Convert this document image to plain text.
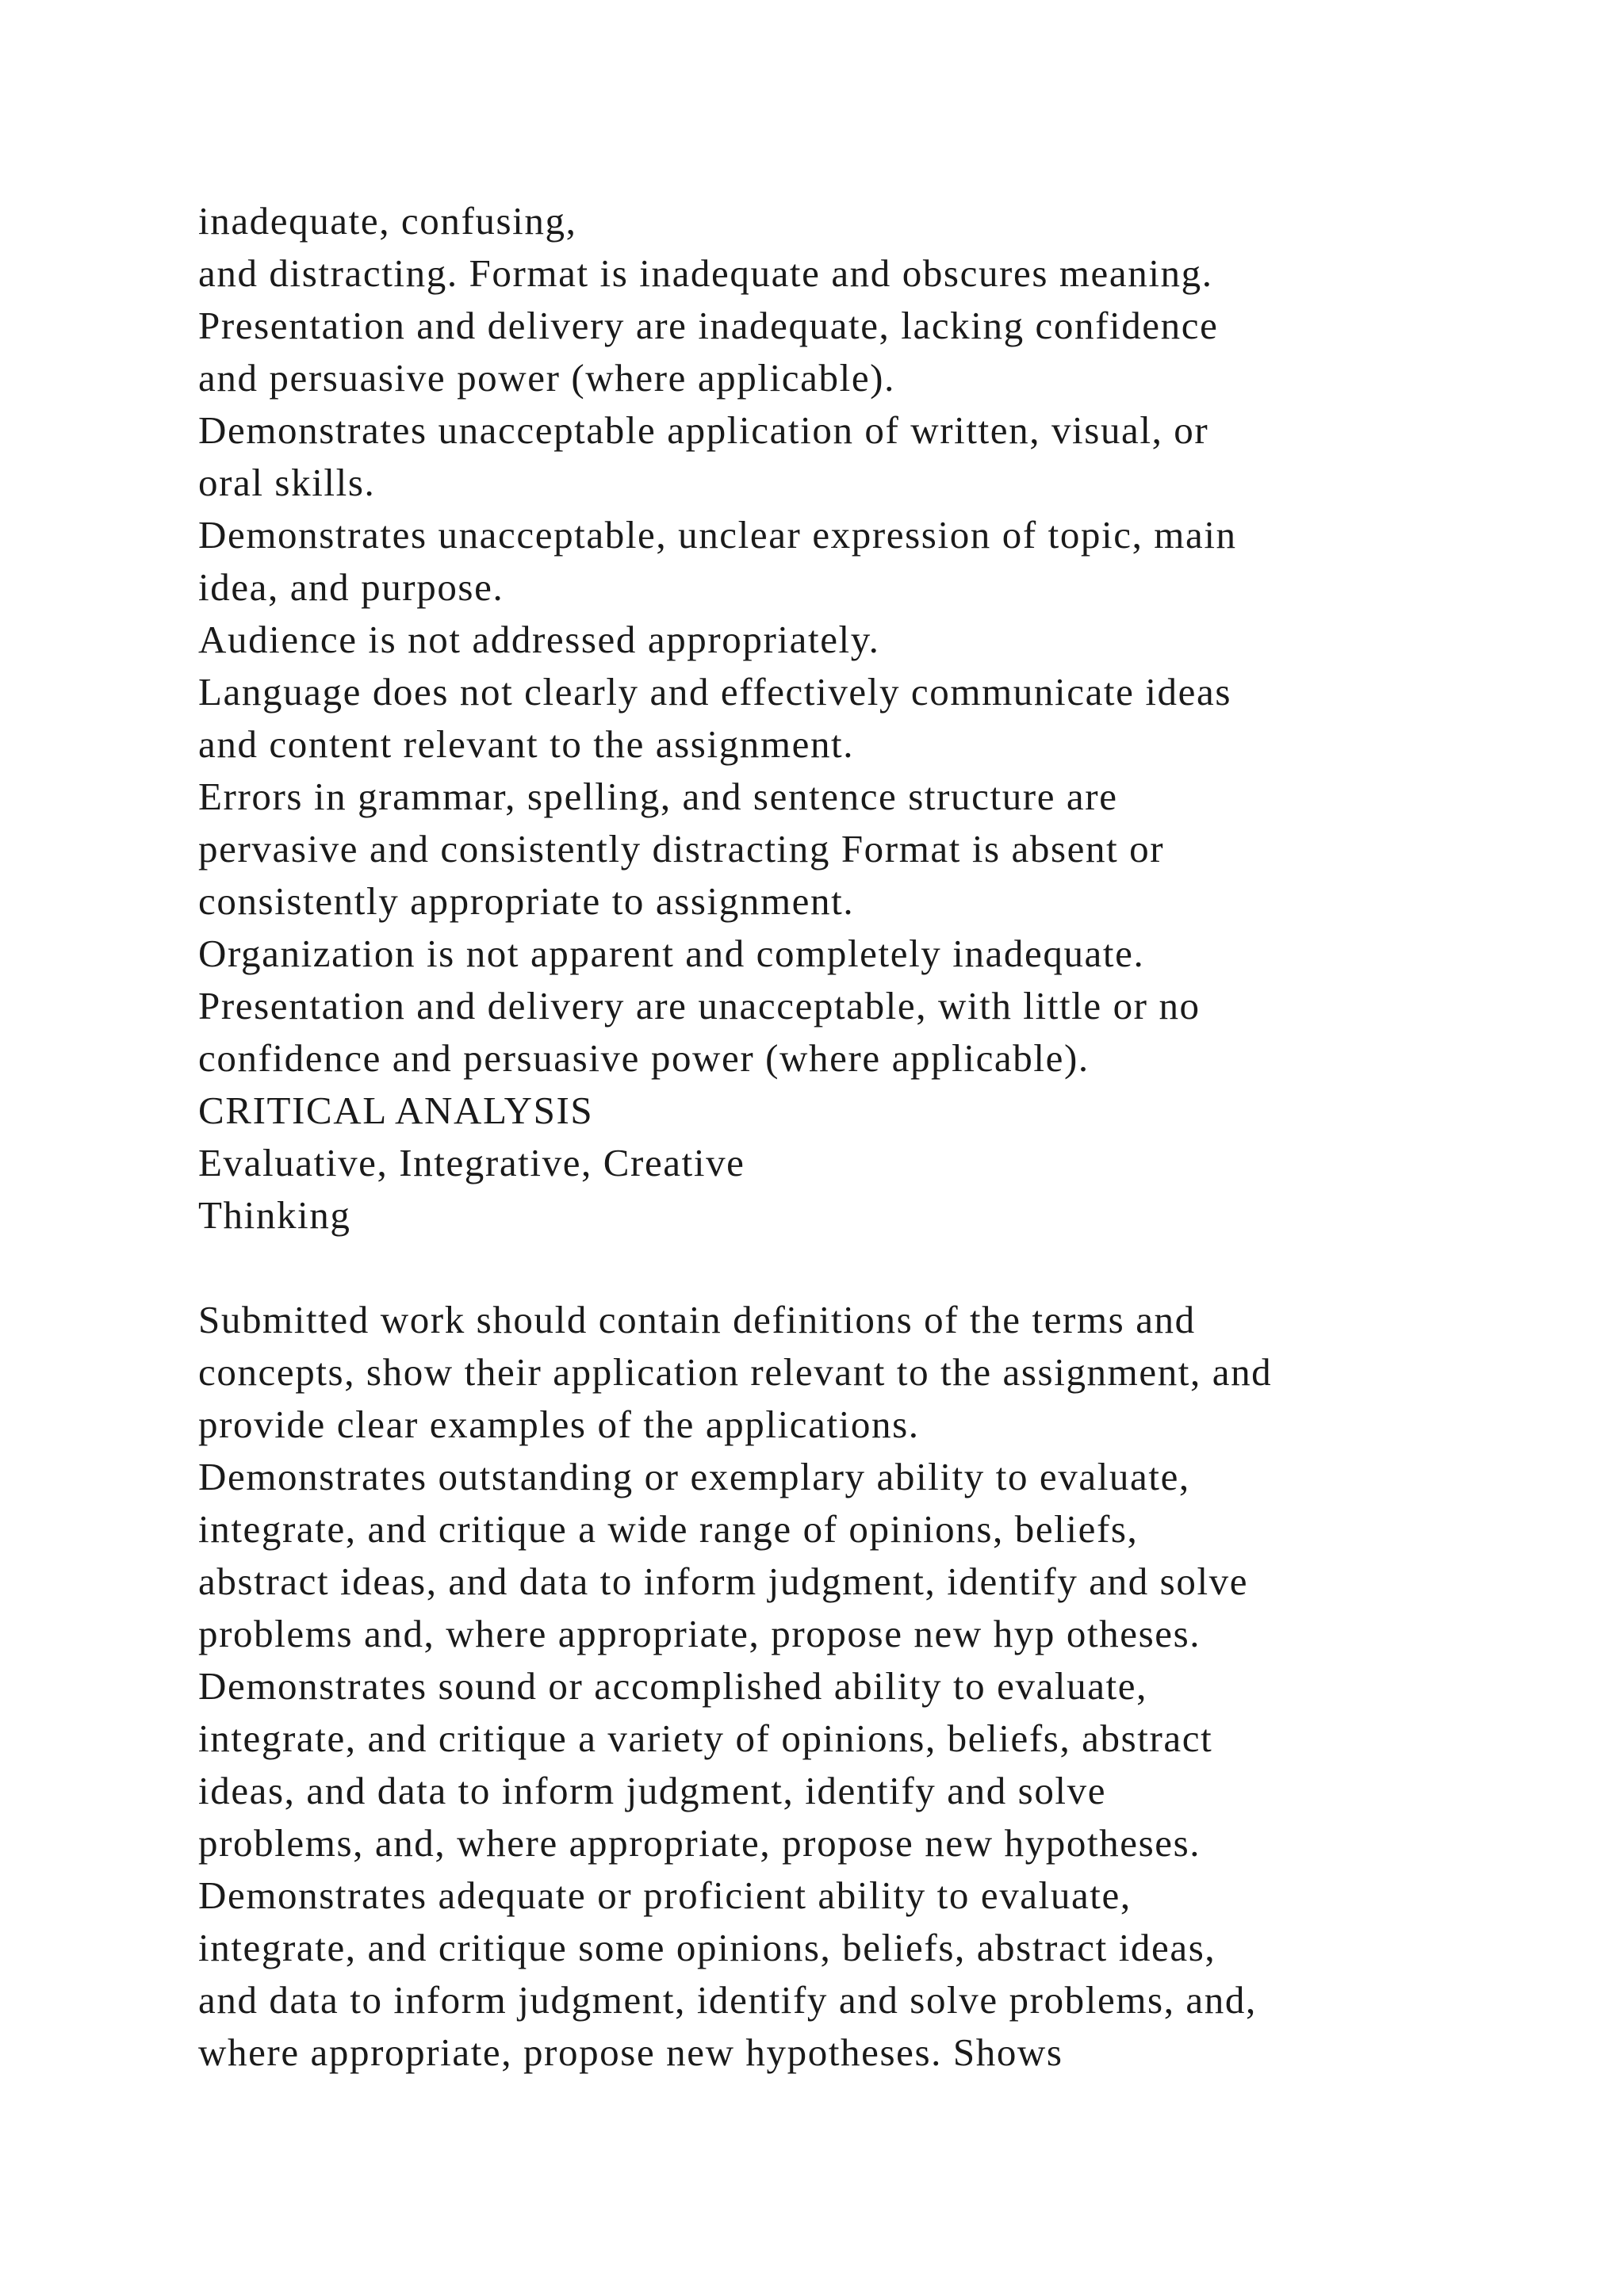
inadequate, confusing,
and distracting. Format is inadequate and obscures meaning.
Presentation and delivery are inadequate, lacking confidence
and persuasive power (where applicable).
Demonstrates unacceptable application of written, visual, or
oral skills.
Demonstrates unacceptable, unclear expression of topic, main
idea, and purpose.
Audience is not addressed appropriately.
Language does not clearly and effectively communicate ideas
and content relevant to the assignment.
Errors in grammar, spelling, and sentence structure are
pervasive and consistently distracting Format is absent or
consistently appropriate to assignment.
Organization is not apparent and completely inadequate.
Presentation and delivery are unacceptable, with little or no
confidence and persuasive power (where applicable).
CRITICAL ANALYSIS
Evaluative, Integrative, Creative
Thinking
Submitted work should contain definitions of the terms and
concepts, show their application relevant to the assignment, and
provide clear examples of the applications.
Demonstrates outstanding or exemplary ability to evaluate,
integrate, and critique a wide range of opinions, beliefs,
abstract ideas, and data to inform judgment, identify and solve
problems and, where appropriate, propose new hyp otheses.
Demonstrates sound or accomplished ability to evaluate,
integrate, and critique a variety of opinions, beliefs, abstract
ideas, and data to inform judgment, identify and solve
problems, and, where appropriate, propose new hypotheses.
Demonstrates adequate or proficient ability to evaluate,
integrate, and critique some opinions, beliefs, abstract ideas,
and data to inform judgment, identify and solve problems, and,
where appropriate, propose new hypotheses. Shows
